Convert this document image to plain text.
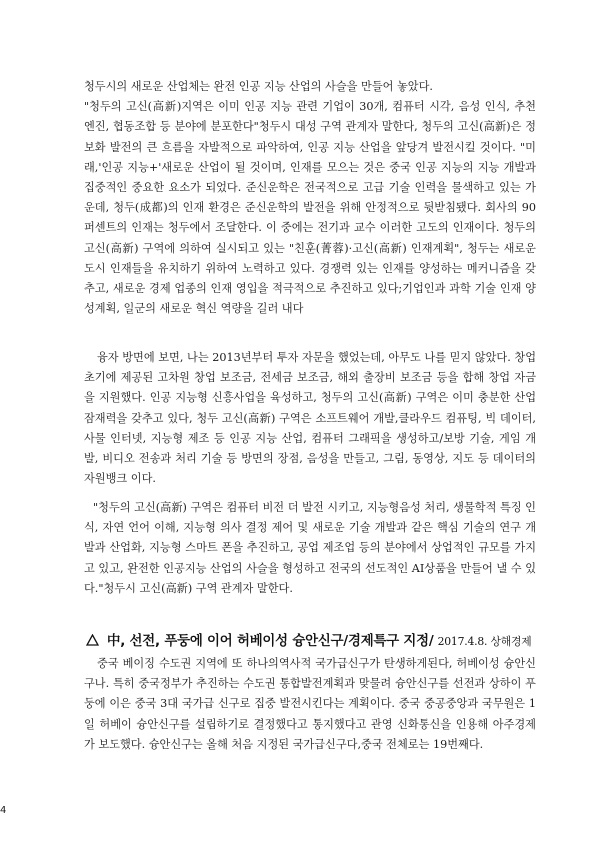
청두시의 새로운 산업체는 완전 인공 지능 산업의 사슬을 만들어 놓았다.

"청두의 고신(高新)지역은 이미 인공 지능 관련 기업이 30개, 컴퓨터 시각, 음성 인식, 추천 엔진, 협동조합 등 분야에 분포한다"청두시 대성 구역 관계자 말한다, 청두의 고신(高新)은 정보화 발전의 큰 흐름을 자발적으로 파악하여, 인공 지능 산업을 앞당겨 발전시킬 것이다. "미래,'인공 지능+'새로운 산업이 될 것이며, 인재를 모으는 것은 중국 인공 지능의 지능 개발과 집중적인 중요한 요소가 되었다. 준신운학은 전국적으로 고급 기술 인력을 물색하고 있는 가운데, 청두(成都)의 인재 환경은 준신운학의 발전을 위해 안정적으로 뒷받침됐다. 회사의 90퍼센트의 인재는 청두에서 조달한다. 이 중에는 전기과 교수 이러한 고도의 인재이다. 청두의 고신(高新) 구역에 의하여 실시되고 있는 "친훈(菁蓉)·고신(高新) 인재계획", 청두는 새로운 도시 인재들을 유치하기 위하여 노력하고 있다. 경쟁력 있는 인재를 양성하는 메커니즘을 갖추고, 새로운 경제 업종의 인재 영입을 적극적으로 추진하고 있다;기업인과 과학 기술 인재 양성계획, 일군의 새로운 혁신 역량을 길러 내다

융자 방면에 보면, 나는 2013년부터 투자 자문을 했었는데, 아무도 나를 믿지 않았다. 창업 초기에 제공된 고차원 창업 보조금, 전세금 보조금, 해외 출장비 보조금 등을 합해 창업 자금을 지원했다. 인공 지능형 신흥사업을 육성하고, 청두의 고신(高新) 구역은 이미 충분한 산업 잠재력을 갖추고 있다, 청두 고신(高新) 구역은 소프트웨어 개발,클라우드 컴퓨팅, 빅 데이터, 사물 인터넷, 지능형 제조 등 인공 지능 산업, 컴퓨터 그래픽을 생성하고/보방 기술, 게임 개발, 비디오 전송과 처리 기술 등 방면의 장점, 음성을 만들고, 그림, 동영상, 지도 등 데이터의 자원뱅크 이다.

"청두의 고신(高新) 구역은 컴퓨터 비전 더 발전 시키고, 지능형음성 처리, 생물학적 특징 인식, 자연 언어 이해, 지능형 의사 결정 제어 및 새로운 기술 개발과 같은 핵심 기술의 연구 개발과 산업화, 지능형 스마트 폰을 추진하고, 공업 제조업 등의 분야에서 상업적인 규모를 가지고 있고, 완전한 인공지능 산업의 사슬을 형성하고 전국의 선도적인 AI상품을 만들어 낼 수 있다."청두시 고신(高新) 구역 관계자 말한다.

中, 선전, 푸둥에 이어 허베이성 슝안신구/경제특구 지정/ 2017.4.8. 상해경제

중국 베이징 수도권 지역에 또 하나의역사적 국가급신구가 탄생하게된다, 허베이성 슝안신구나. 특히 중국정부가 추진하는 수도권 통합발전계획과 맞물려 슝안신구를 선전과 상하이 푸둥에 이은 중국 3대 국가급 신구로 집중 발전시킨다는 계획이다. 중국 중공중앙과 국무원은 1일 허베이 슝안신구를 설립하기로 결정했다고 통지했다고 관영 신화통신을 인용해 아주경제가 보도했다. 슝안신구는 올해 처음 지정된 국가급신구다,중국 전체로는 19번째다.

4
